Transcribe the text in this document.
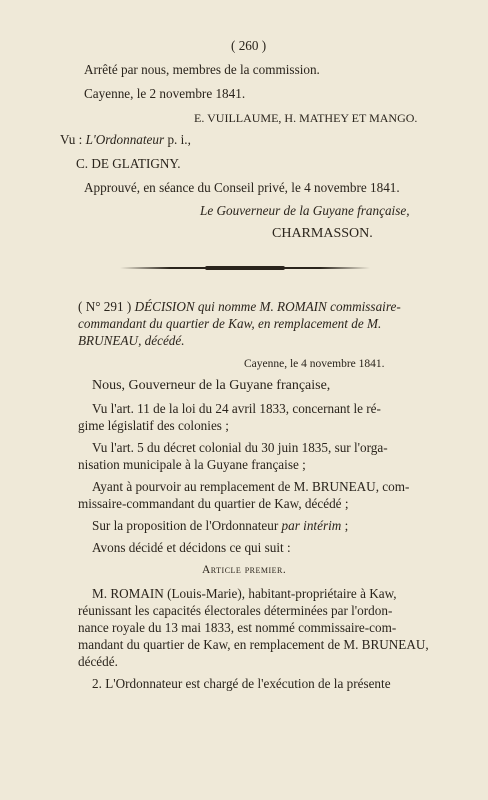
( 260 )
Arrêté par nous, membres de la commission.
Cayenne, le 2 novembre 1841.
E. VUILLAUME, H. MATHEY ET MANGO.
Vu : L'Ordonnateur p. i.,
C. DE GLATIGNY.
Approuvé, en séance du Conseil privé, le 4 novembre 1841.
Le Gouverneur de la Guyane française,
CHARMASSON.
( N° 291 ) DÉCISION qui nomme M. ROMAIN commissaire-
commandant du quartier de Kaw, en remplacement de M.
BRUNEAU, décédé.
Cayenne, le 4 novembre 1841.
Nous, Gouverneur de la Guyane française,
Vu l'art. 11 de la loi du 24 avril 1833, concernant le ré-
gime législatif des colonies ;
Vu l'art. 5 du décret colonial du 30 juin 1835, sur l'orga-
nisation municipale à la Guyane française ;
Ayant à pourvoir au remplacement de M. BRUNEAU, com-
missaire-commandant du quartier de Kaw, décédé ;
Sur la proposition de l'Ordonnateur par intérim ;
Avons décidé et décidons ce qui suit :
Article premier.
M. ROMAIN (Louis-Marie), habitant-propriétaire à Kaw,
réunissant les capacités électorales déterminées par l'ordon-
nance royale du 13 mai 1833, est nommé commissaire-com-
mandant du quartier de Kaw, en remplacement de M. BRUNEAU,
décédé.
2. L'Ordonnateur est chargé de l'exécution de la présente
